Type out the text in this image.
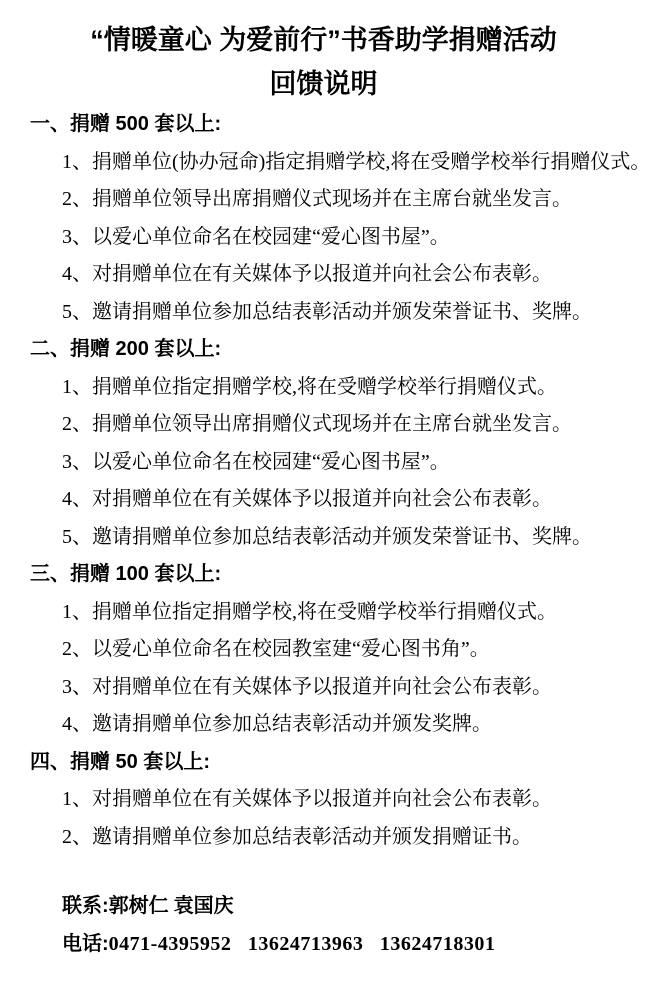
“情暖童心 为爱前行”书香助学捐赠活动
回馈说明
一、捐赠 500 套以上:
1、捐赠单位(协办冠命)指定捐赠学校,将在受赠学校举行捐赠仪式。
2、捐赠单位领导出席捐赠仪式现场并在主席台就坐发言。
3、以爱心单位命名在校园建“爱心图书屋”。
4、对捐赠单位在有关媒体予以报道并向社会公布表彰。
5、邀请捐赠单位参加总结表彰活动并颁发荣誉证书、奖牌。
二、捐赠 200 套以上:
1、捐赠单位指定捐赠学校,将在受赠学校举行捐赠仪式。
2、捐赠单位领导出席捐赠仪式现场并在主席台就坐发言。
3、以爱心单位命名在校园建“爱心图书屋”。
4、对捐赠单位在有关媒体予以报道并向社会公布表彰。
5、邀请捐赠单位参加总结表彰活动并颁发荣誉证书、奖牌。
三、捐赠 100 套以上:
1、捐赠单位指定捐赠学校,将在受赠学校举行捐赠仪式。
2、以爱心单位命名在校园教室建“爱心图书角”。
3、对捐赠单位在有关媒体予以报道并向社会公布表彰。
4、邀请捐赠单位参加总结表彰活动并颁发奖牌。
四、捐赠 50 套以上:
1、对捐赠单位在有关媒体予以报道并向社会公布表彰。
2、邀请捐赠单位参加总结表彰活动并颁发捐赠证书。
联系:郭树仁 袁国庆
电话:0471-4395952   13624713963   13624718301
